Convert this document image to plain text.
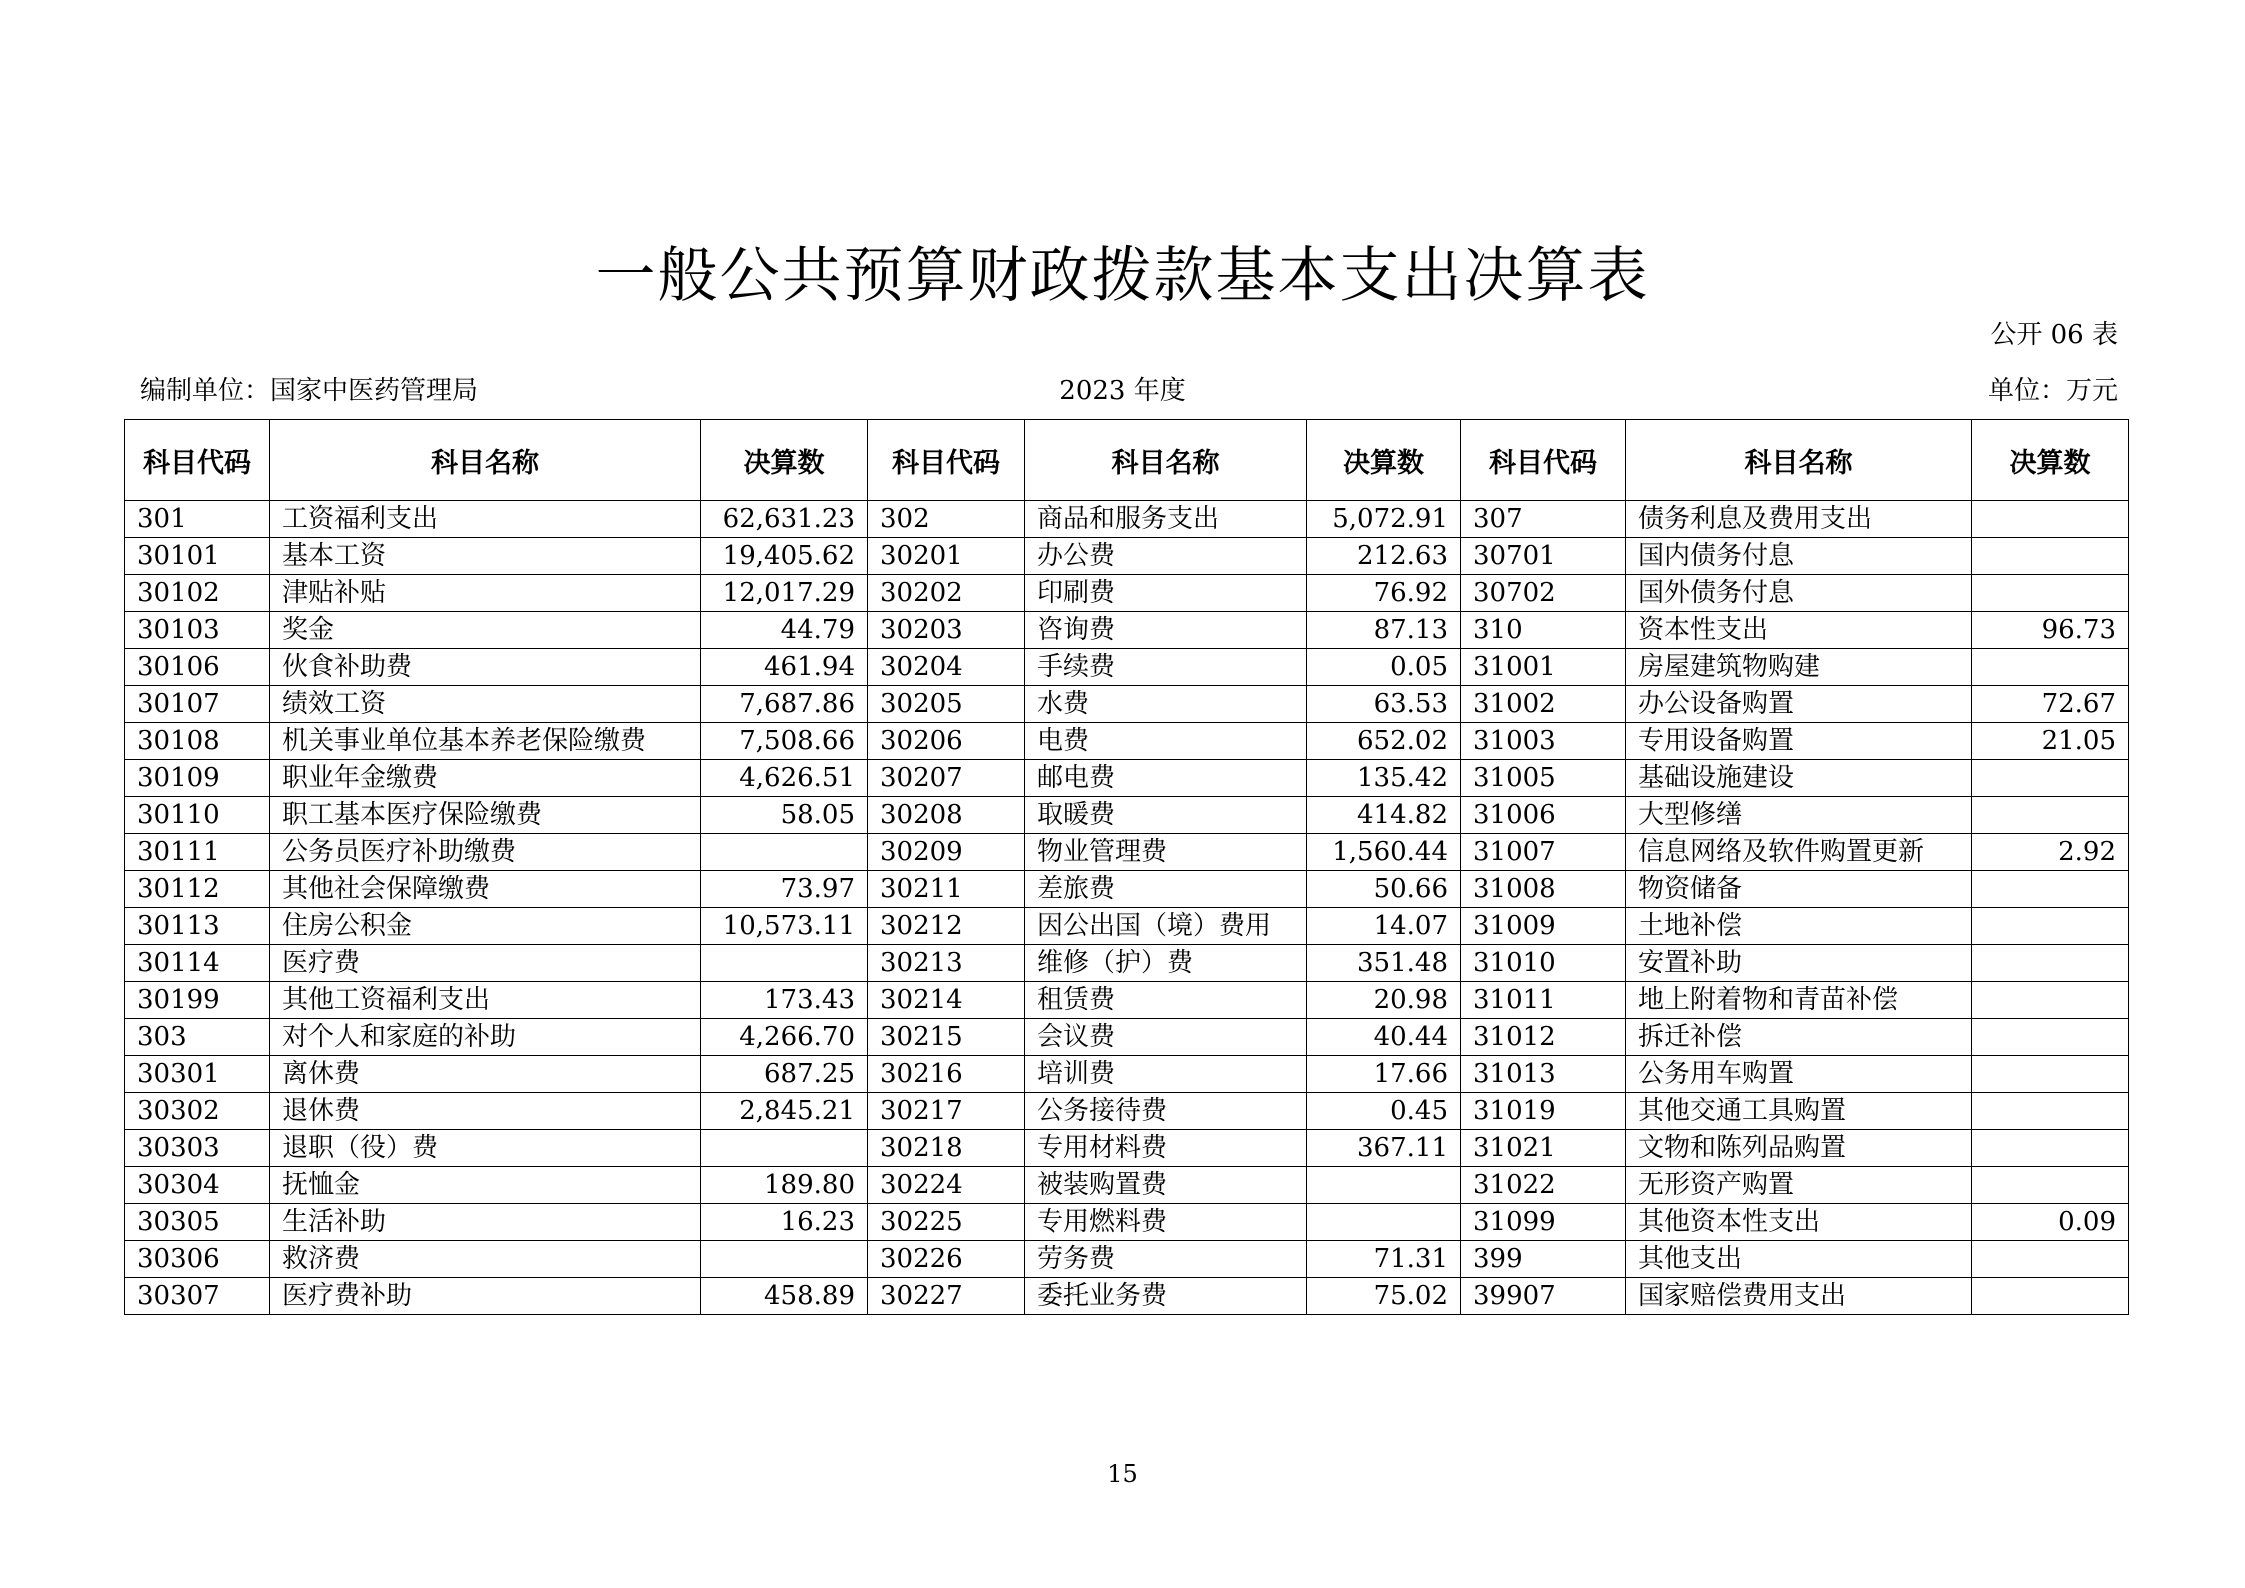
一般公共预算财政拨款基本支出决算表
公开 06 表
编制单位：国家中医药管理局	2023 年度	单位：万元
科目代码	科目名称	决算数	科目代码	科目名称	决算数	科目代码	科目名称	决算数
301	工资福利支出	62,631.23	302	商品和服务支出	5,072.91	307	债务利息及费用支出	
30101	基本工资	19,405.62	30201	办公费	212.63	30701	国内债务付息	
30102	津贴补贴	12,017.29	30202	印刷费	76.92	30702	国外债务付息	
30103	奖金	44.79	30203	咨询费	87.13	310	资本性支出	96.73
30106	伙食补助费	461.94	30204	手续费	0.05	31001	房屋建筑物购建	
30107	绩效工资	7,687.86	30205	水费	63.53	31002	办公设备购置	72.67
30108	机关事业单位基本养老保险缴费	7,508.66	30206	电费	652.02	31003	专用设备购置	21.05
30109	职业年金缴费	4,626.51	30207	邮电费	135.42	31005	基础设施建设	
30110	职工基本医疗保险缴费	58.05	30208	取暖费	414.82	31006	大型修缮	
30111	公务员医疗补助缴费		30209	物业管理费	1,560.44	31007	信息网络及软件购置更新	2.92
30112	其他社会保障缴费	73.97	30211	差旅费	50.66	31008	物资储备	
30113	住房公积金	10,573.11	30212	因公出国（境）费用	14.07	31009	土地补偿	
30114	医疗费		30213	维修（护）费	351.48	31010	安置补助	
30199	其他工资福利支出	173.43	30214	租赁费	20.98	31011	地上附着物和青苗补偿	
303	对个人和家庭的补助	4,266.70	30215	会议费	40.44	31012	拆迁补偿	
30301	离休费	687.25	30216	培训费	17.66	31013	公务用车购置	
30302	退休费	2,845.21	30217	公务接待费	0.45	31019	其他交通工具购置	
30303	退职（役）费		30218	专用材料费	367.11	31021	文物和陈列品购置	
30304	抚恤金	189.80	30224	被装购置费		31022	无形资产购置	
30305	生活补助	16.23	30225	专用燃料费		31099	其他资本性支出	0.09
30306	救济费		30226	劳务费	71.31	399	其他支出	
30307	医疗费补助	458.89	30227	委托业务费	75.02	39907	国家赔偿费用支出	
15
